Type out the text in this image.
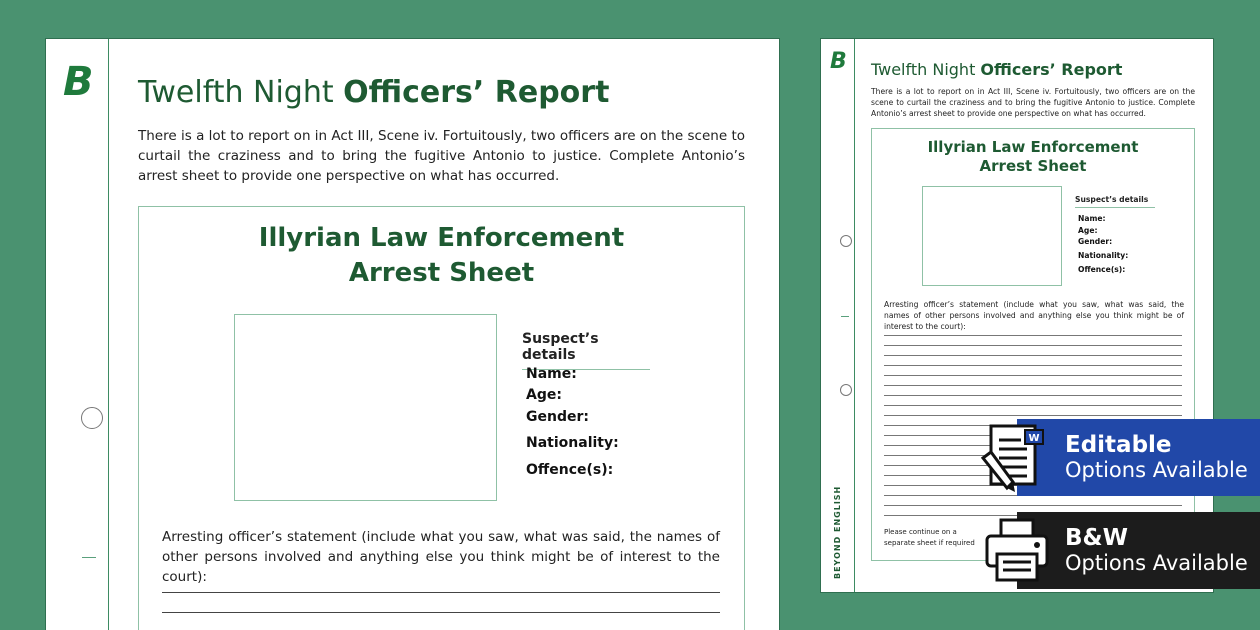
B Twelfth Night Officers’ Report
There is a lot to report on in Act III, Scene iv. Fortuitously, two officers are on the scene to curtail the craziness and to bring the fugitive Antonio to justice. Complete Antonio’s arrest sheet to provide one perspective on what has occurred.
Illyrian Law Enforcement
Arrest Sheet
Suspect’s details
Name:
Age:
Gender:
Nationality:
Offence(s):
Arresting officer’s statement (include what you saw, what was said, the names of other persons involved and anything else you think might be of interest to the court):
B
BEYOND ENGLISH
Twelfth Night Officers’ Report
There is a lot to report on in Act III, Scene iv. Fortuitously, two officers are on the scene to curtail the craziness and to bring the fugitive Antonio to justice. Complete Antonio’s arrest sheet to provide one perspective on what has occurred.
Illyrian Law Enforcement
Arrest Sheet
Suspect’s details
Name:
Age:
Gender:
Nationality:
Offence(s):
Arresting officer’s statement (include what you saw, what was said, the names of other persons involved and anything else you think might be of interest to the court):
Please continue on a
separate sheet if required
W Editable
Options Available
B&W
Options Available
